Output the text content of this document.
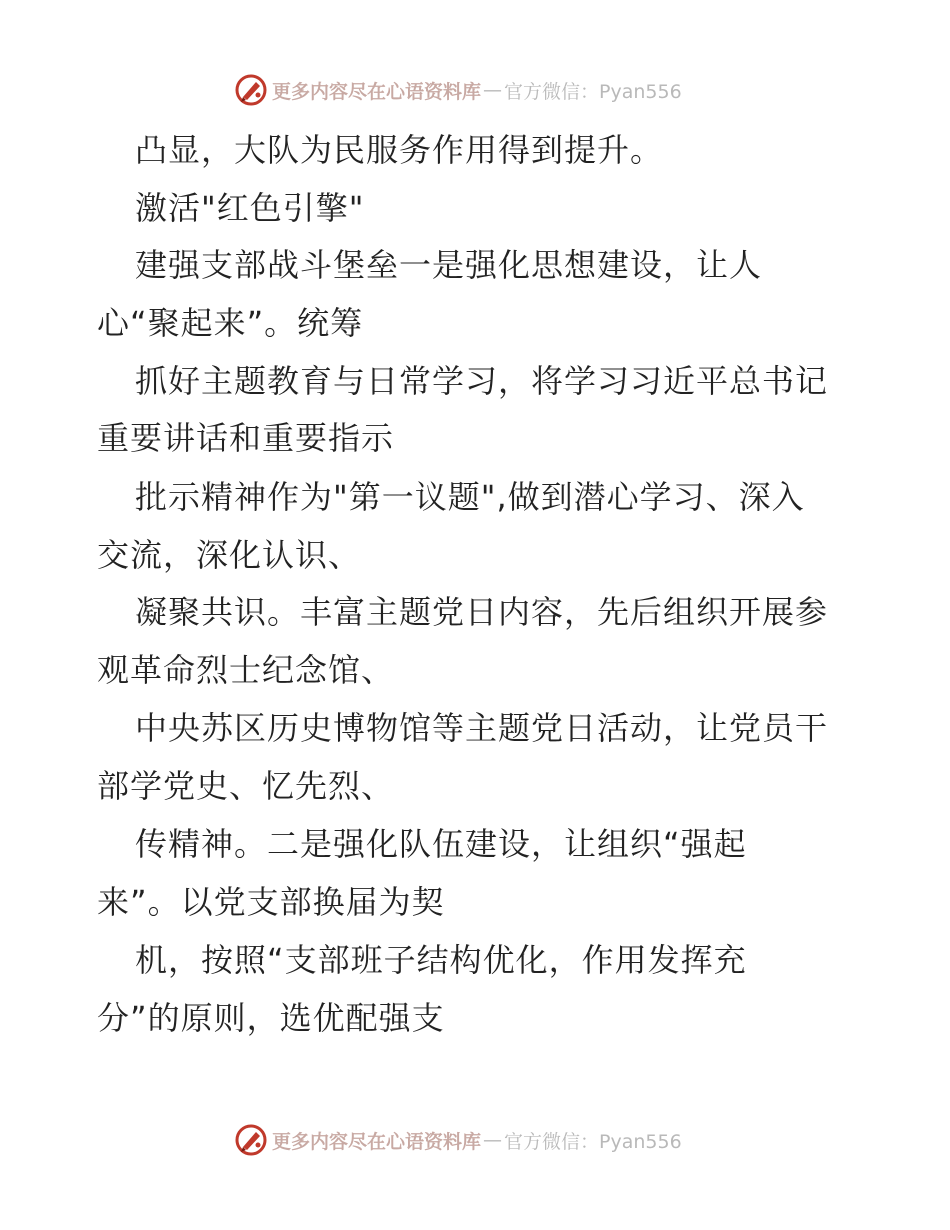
更多内容尽在心语资料库 — 官方微信：Pyan556
凸显，大队为民服务作用得到提升。
激活"红色引擎"
建强支部战斗堡垒一是强化思想建设，让人
心“聚起来”。统筹
抓好主题教育与日常学习，将学习习近平总书记
重要讲话和重要指示
批示精神作为"第一议题",做到潜心学习、深入
交流，深化认识、
凝聚共识。丰富主题党日内容，先后组织开展参
观革命烈士纪念馆、
中央苏区历史博物馆等主题党日活动，让党员干
部学党史、忆先烈、
传精神。二是强化队伍建设，让组织“强起
来”。以党支部换届为契
机，按照“支部班子结构优化，作用发挥充
分”的原则，选优配强支
更多内容尽在心语资料库 — 官方微信：Pyan556
